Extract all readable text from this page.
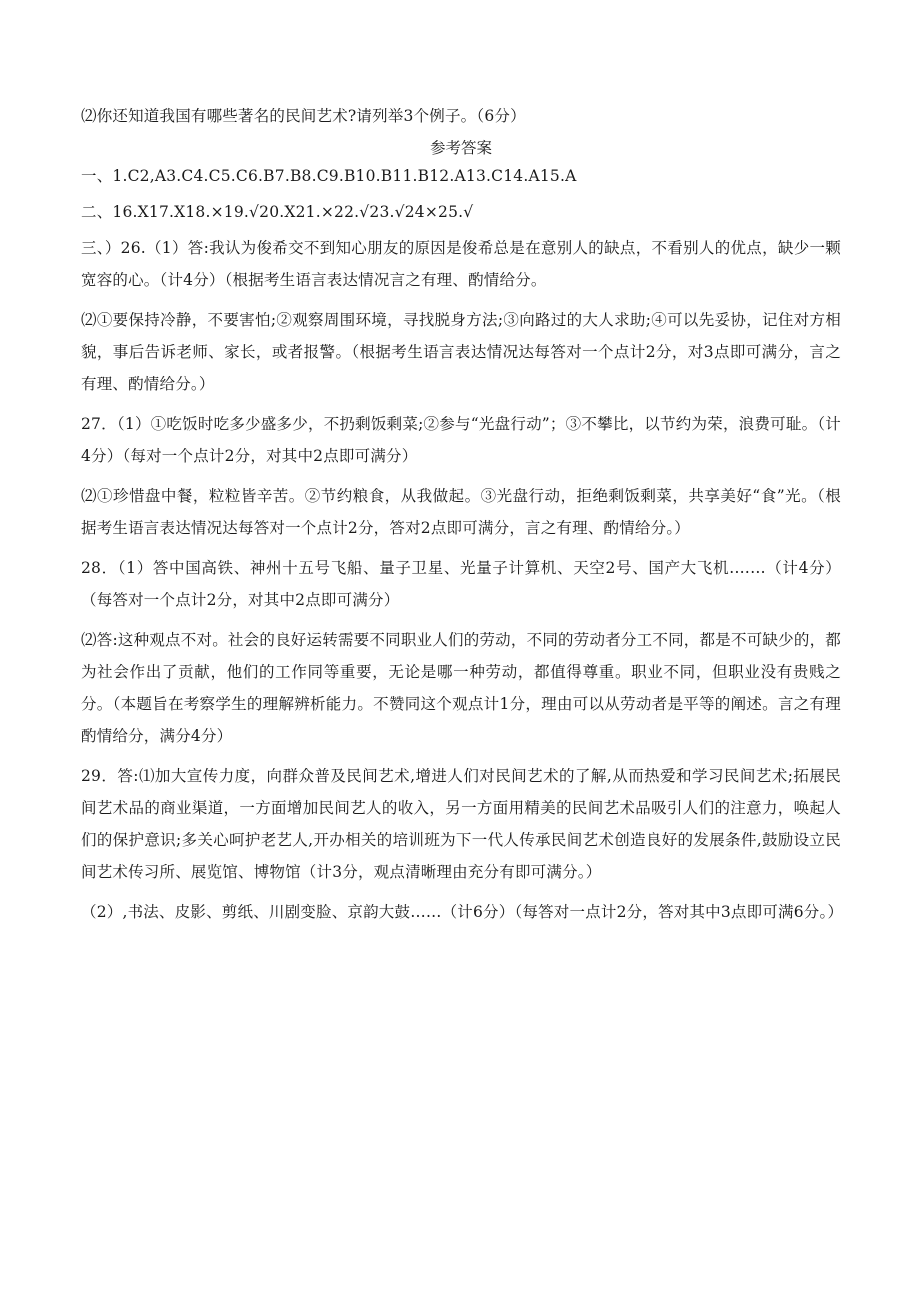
⑵你还知道我国有哪些著名的民间艺术?请列举3个例子。（6分）
参考答案
一、1.C2,A3.C4.C5.C6.B7.B8.C9.B10.B11.B12.A13.C14.A15.A
二、16.X17.X18.×19.√20.X21.×22.√23.√24×25.√
三、）26.（1）答:我认为俊希交不到知心朋友的原因是俊希总是在意别人的缺点，不看别人的优点，缺少一颗宽容的心。（计4分）（根据考生语言表达情况言之有理、酌情给分。
⑵①要保持冷静，不要害怕;②观察周围环境，寻找脱身方法;③向路过的大人求助;④可以先妥协，记住对方相貌，事后告诉老师、家长，或者报警。（根据考生语言表达情况达每答对一个点计2分，对3点即可满分，言之有理、酌情给分。）
27．（1）①吃饭时吃多少盛多少，不扔剩饭剩菜;②参与“光盘行动”；③不攀比，以节约为荣，浪费可耻。（计4分）（每对一个点计2分，对其中2点即可满分）
⑵①珍惜盘中餐，粒粒皆辛苦。②节约粮食，从我做起。③光盘行动，拒绝剩饭剩菜，共享美好“食”光。（根据考生语言表达情况达每答对一个点计2分，答对2点即可满分，言之有理、酌情给分。）
28．（1）答中国高铁、神州十五号飞船、量子卫星、光量子计算机、天空2号、国产大飞机.……（计4分）（每答对一个点计2分，对其中2点即可满分）
⑵答:这种观点不对。社会的良好运转需要不同职业人们的劳动，不同的劳动者分工不同，都是不可缺少的，都为社会作出了贡献，他们的工作同等重要，无论是哪一种劳动，都值得尊重。职业不同，但职业没有贵贱之分。（本题旨在考察学生的理解辨析能力。不赞同这个观点计1分，理由可以从劳动者是平等的阐述。言之有理酌情给分，满分4分）
29．答:⑴加大宣传力度，向群众普及民间艺术,增进人们对民间艺术的了解,从而热爱和学习民间艺术;拓展民间艺术品的商业渠道，一方面增加民间艺人的收入，另一方面用精美的民间艺术品吸引人们的注意力，唤起人们的保护意识;多关心呵护老艺人,开办相关的培训班为下一代人传承民间艺术创造良好的发展条件,鼓励设立民间艺术传习所、展览馆、博物馆（计3分，观点清晰理由充分有即可满分。）
（2）,书法、皮影、剪纸、川剧变脸、京韵大鼓……（计6分）（每答对一点计2分，答对其中3点即可满6分。）
